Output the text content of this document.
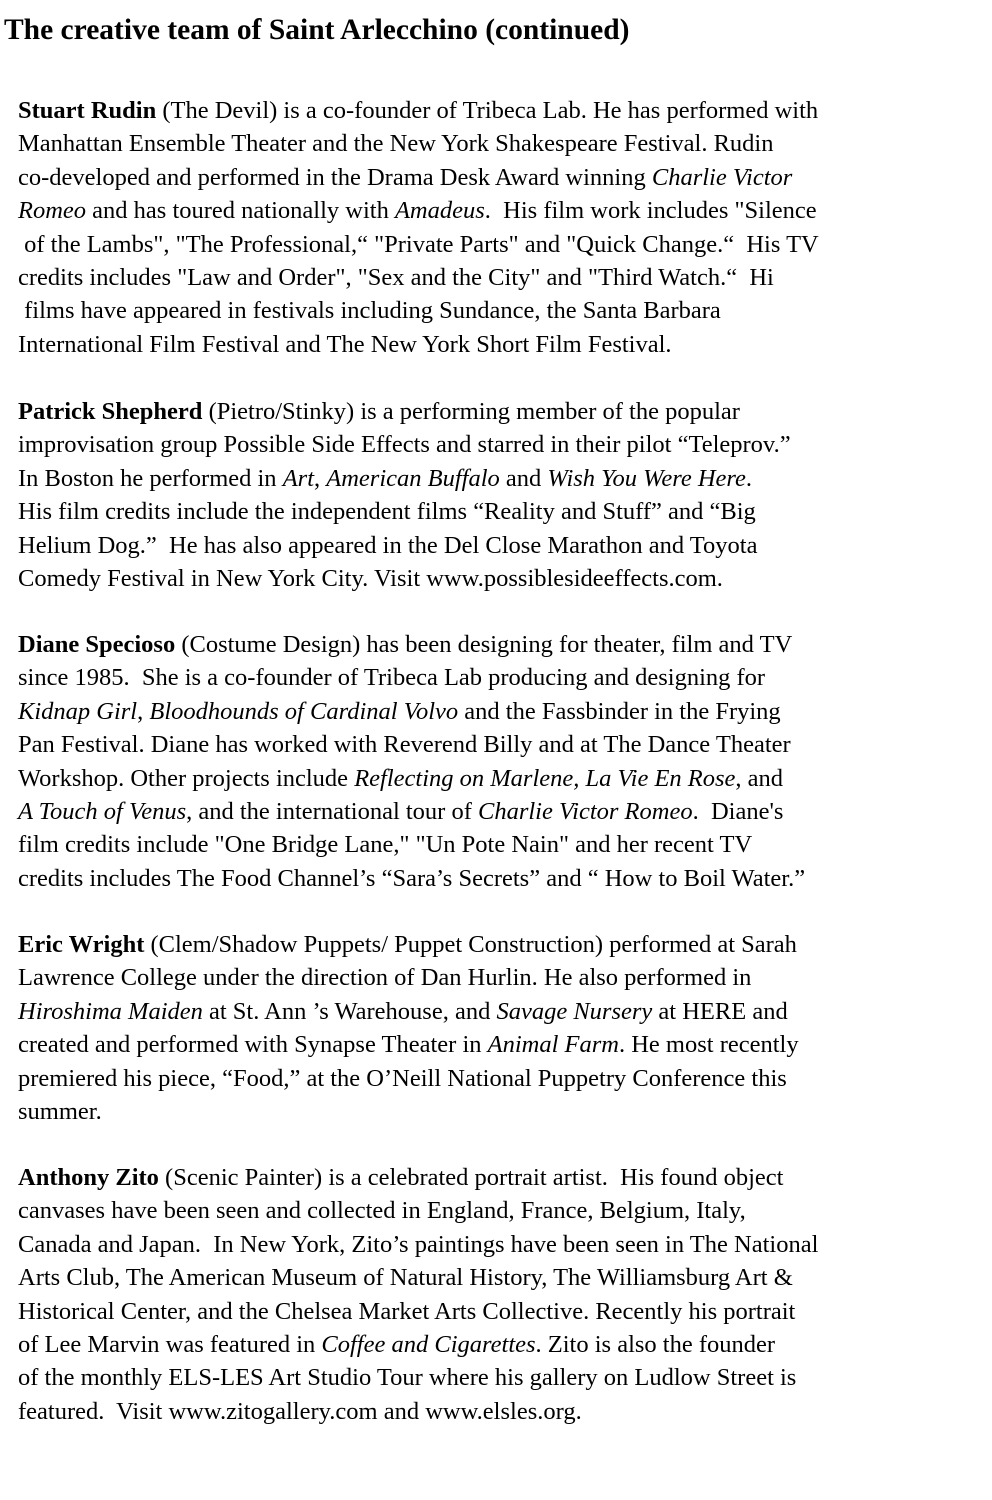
The creative team of Saint Arlecchino (continued)
Stuart Rudin (The Devil) is a co-founder of Tribeca Lab. He has performed with
Manhattan Ensemble Theater and the New York Shakespeare Festival. Rudin
co-developed and performed in the Drama Desk Award winning Charlie Victor
Romeo and has toured nationally with Amadeus.  His film work includes "Silence
of the Lambs", "The Professional,“ "Private Parts" and "Quick Change.“  His TV
credits includes "Law and Order", "Sex and the City" and "Third Watch.“  Hi
films have appeared in festivals including Sundance, the Santa Barbara
International Film Festival and The New York Short Film Festival.
Patrick Shepherd (Pietro/Stinky) is a performing member of the popular
improvisation group Possible Side Effects and starred in their pilot “Teleprov.”
In Boston he performed in Art, American Buffalo and Wish You Were Here.
His film credits include the independent films “Reality and Stuff” and “Big
Helium Dog.”  He has also appeared in the Del Close Marathon and Toyota
Comedy Festival in New York City. Visit www.possiblesideeffects.com.
Diane Specioso (Costume Design) has been designing for theater, film and TV
since 1985.  She is a co-founder of Tribeca Lab producing and designing for
Kidnap Girl, Bloodhounds of Cardinal Volvo and the Fassbinder in the Frying
Pan Festival. Diane has worked with Reverend Billy and at The Dance Theater
Workshop. Other projects include Reflecting on Marlene, La Vie En Rose, and
A Touch of Venus, and the international tour of Charlie Victor Romeo.  Diane's
film credits include "One Bridge Lane," "Un Pote Nain" and her recent TV
credits includes The Food Channel’s “Sara’s Secrets” and “ How to Boil Water.”
Eric Wright (Clem/Shadow Puppets/ Puppet Construction) performed at Sarah
Lawrence College under the direction of Dan Hurlin. He also performed in
Hiroshima Maiden at St. Ann ’s Warehouse, and Savage Nursery at HERE and
created and performed with Synapse Theater in Animal Farm. He most recently
premiered his piece, “Food,” at the O’Neill National Puppetry Conference this
summer.
Anthony Zito (Scenic Painter) is a celebrated portrait artist.  His found object
canvases have been seen and collected in England, France, Belgium, Italy,
Canada and Japan.  In New York, Zito’s paintings have been seen in The National
Arts Club, The American Museum of Natural History, The Williamsburg Art &
Historical Center, and the Chelsea Market Arts Collective. Recently his portrait
of Lee Marvin was featured in Coffee and Cigarettes. Zito is also the founder
of the monthly ELS-LES Art Studio Tour where his gallery on Ludlow Street is
featured.  Visit www.zitogallery.com and www.elsles.org.
